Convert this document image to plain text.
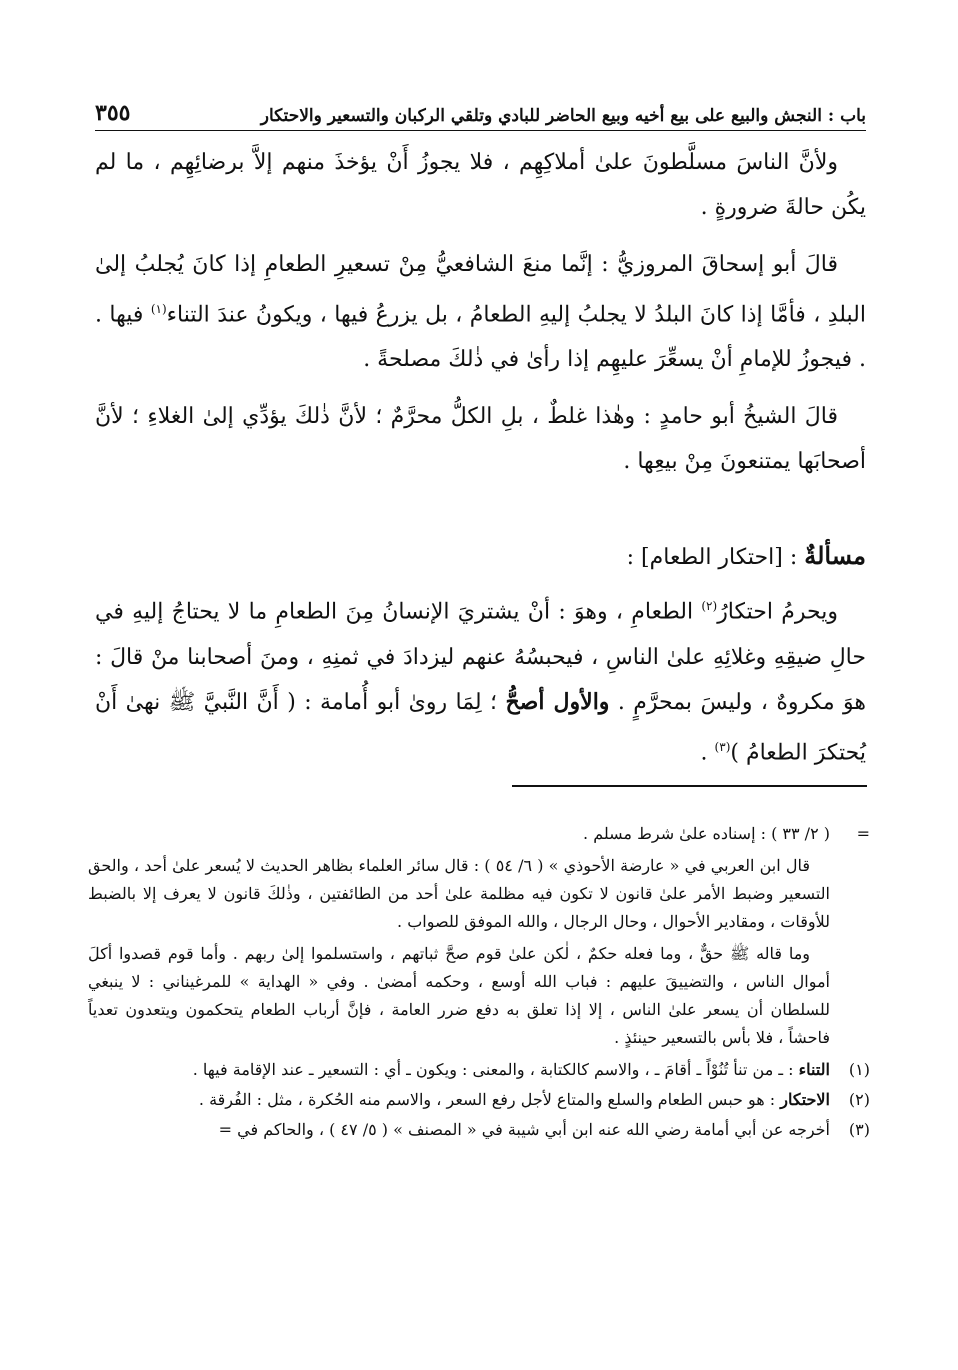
باب : النجش والبيع على بيع أخيه وبيع الحاضر للبادي وتلقي الركبان والتسعير والاحتكار
٣٥٥

ولأنَّ الناسَ مسلَّطونَ علىٰ أملاكِهِم ، فلا يجوزُ أَنْ يؤخذَ منهم إلاَّ برضائِهِم ، ما لم يكُن حالةَ ضرورةٍ .

قالَ أبو إسحاقَ المروزيُّ : إنَّما منعَ الشافعيُّ مِنْ تسعيرِ الطعامِ إذا كانَ يُجلبُ إلىٰ البلدِ ، فأمَّا إذا كانَ البلدُ لا يجلبُ إليهِ الطعامُ ، بل يزرعُ فيها ، ويكونُ عندَ التناء$^{(١)}$ فيها . . فيجوزُ للإمامِ أنْ يسعِّرَ عليهِم إذا رأىٰ في ذٰلكَ مصلحةً .

قالَ الشيخُ أبو حامدٍ : وهٰذا غلطٌ ، بلِ الكلُّ محرَّمٌ ؛ لأنَّ ذٰلكَ يؤدِّي إلىٰ الغلاءِ ؛ لأنَّ أصحابَها يمتنعونَ مِنْ بيعِها .

مسألةٌ : [احتكار الطعام] :

ويحرمُ احتكارُ$^{(٢)}$ الطعامِ ، وهوَ : أنْ يشتريَ الإنسانُ مِنَ الطعامِ ما لا يحتاجُ إليهِ في حالِ ضيقِهِ وغلائِهِ علىٰ الناسِ ، فيحبسُهُ عنهم ليزدادَ في ثمنِهِ ، ومنَ أصحابنا منْ قالَ : هوَ مكروهٌ ، وليسَ بمحرَّمٍ . والأول أصحُّ ؛ لِمَا روىٰ أبو أُمامة : ( أَنَّ النَّبيَّ ﷺ نهىٰ أَنْ يُحتكرَ الطعامُ )$^{(٣)}$ .

=

( ٢/ ٣٣ ) : إسناده علىٰ شرط مسلم .

قال ابن العربي في « عارضة الأحوذي » ( ٦/ ٥٤ ) : قال سائر العلماء بظاهر الحديث لا يُسعر علىٰ أحد ، والحق التسعير وضبط الأمر علىٰ قانون لا تكون فيه مظلمة علىٰ أحد من الطائفتين ، وذٰلكَ قانون لا يعرف إلا بالضبط للأوقات ، ومقادير الأحوال ، وحال الرجال ، والله الموفق للصواب .

وما قاله ﷺ حقٌّ ، وما فعله حكمٌ ، لٰكن علىٰ قوم صحَّ ثباتهم ، واستسلموا إلىٰ ربهم . وأما قوم قصدوا أكلَ أموال الناس ، والتضييقَ عليهم : فباب الله أوسع ، وحكمه أمضىٰ . وفي « الهداية » للمرغيناني : لا ينبغي للسلطان أن يسعر علىٰ الناس ، إلا إذا تعلق به دفع ضرر العامة ، فإنَّ أرباب الطعام يتحكمون ويتعدون تعدياً فاحشاً ، فلا بأس بالتسعير حينئذٍ .

(١)
التناء : ـ من تنأ تُنُوْاً ـ أقامَ ـ ، والاسم كالكتابة ، والمعنى : ويكون ـ أي : التسعير ـ عند الإقامة فيها .
(٢)
الاحتكار : هو حبس الطعام والسلع والمتاع لأجل رفع السعر ، والاسم منه الحُكرة ، مثل : الفُرقة .
(٣)
أخرجه عن أبي أمامة رضي الله عنه ابن أبي شيبة في « المصنف » ( ٥/ ٤٧ ) ، والحاكم في =
